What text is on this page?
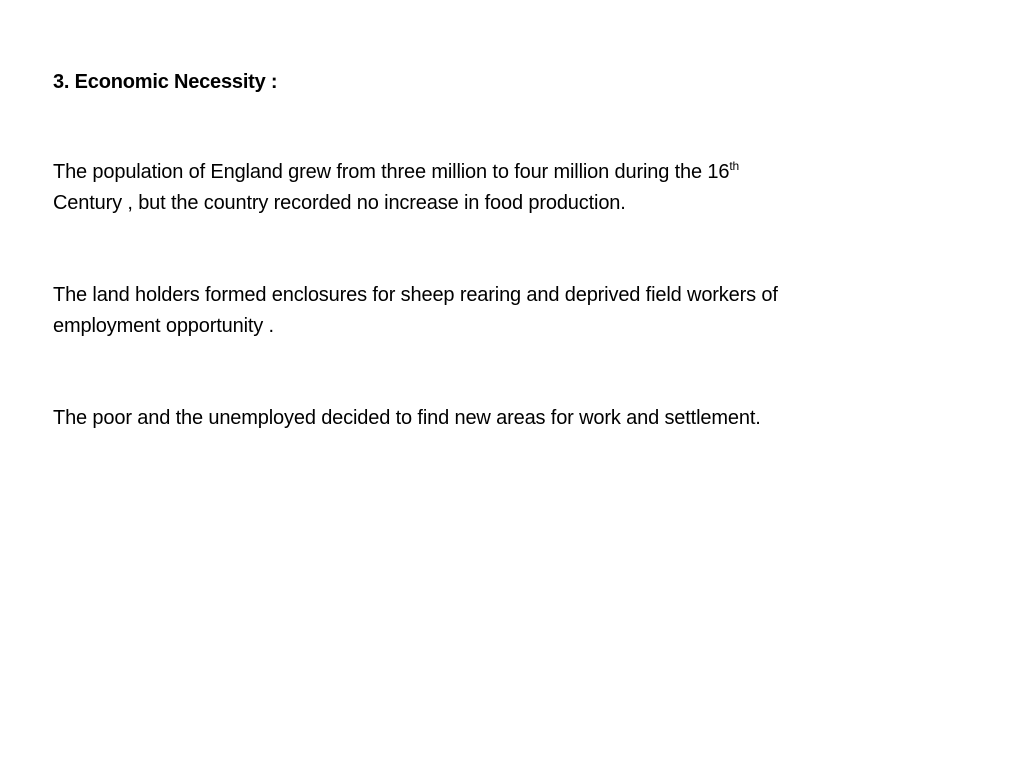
3. Economic Necessity :

The population of England grew from three million to four million during the 16th
Century , but the country recorded no increase in food production.

The land holders formed enclosures for sheep rearing and deprived field workers of
employment opportunity .

The poor and the unemployed decided to find new areas for work and settlement.
